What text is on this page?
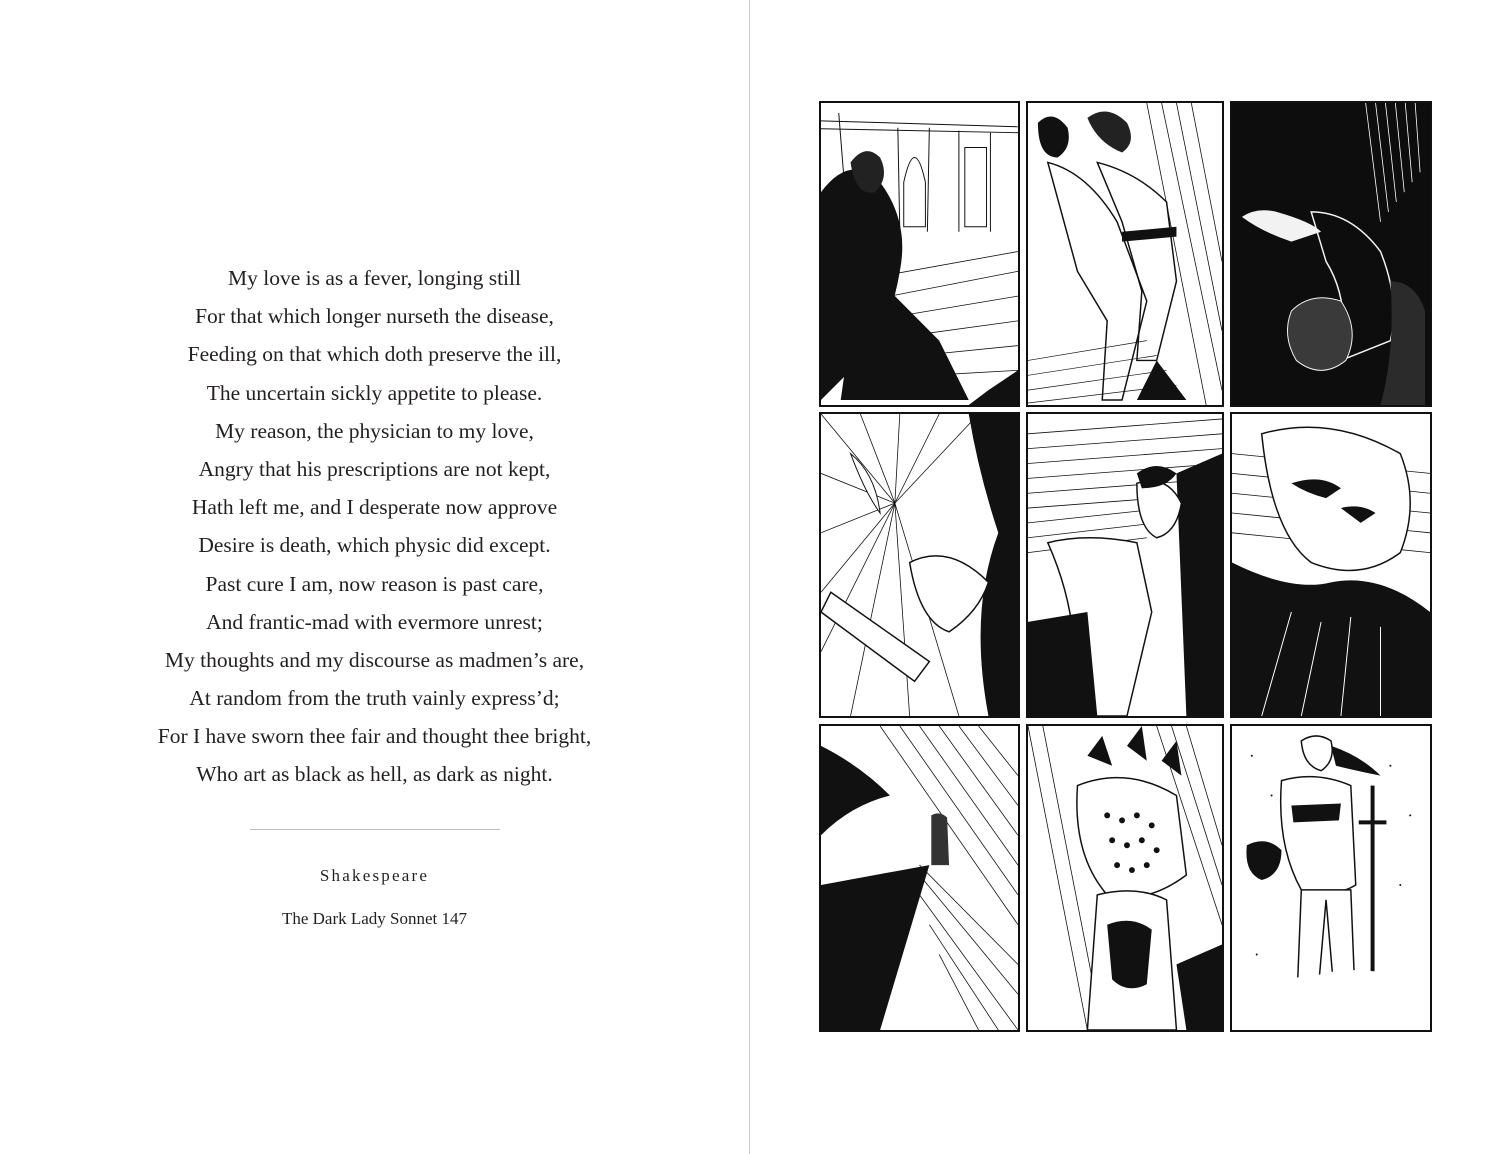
My love is as a fever, longing still
For that which longer nurseth the disease,
Feeding on that which doth preserve the ill,
The uncertain sickly appetite to please.
My reason, the physician to my love,
Angry that his prescriptions are not kept,
Hath left me, and I desperate now approve
Desire is death, which physic did except.
Past cure I am, now reason is past care,
And frantic-mad with evermore unrest;
My thoughts and my discourse as madmen’s are,
At random from the truth vainly express’d;
For I have sworn thee fair and thought thee bright,
Who art as black as hell, as dark as night.
Shakespeare
The Dark Lady Sonnet 147
